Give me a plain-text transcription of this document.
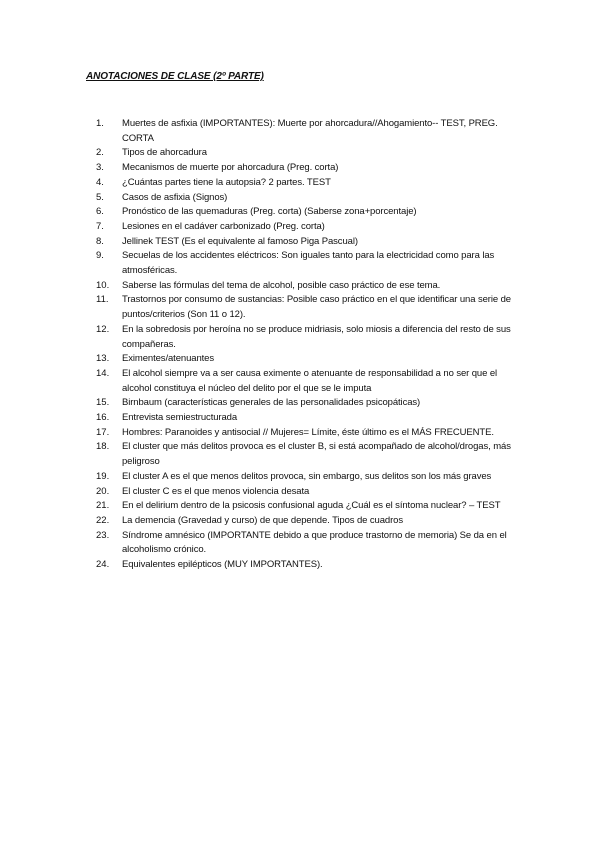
ANOTACIONES DE CLASE (2º PARTE)
1.	Muertes de asfixia (IMPORTANTES): Muerte por ahorcadura//Ahogamiento-- TEST, PREG. CORTA
2.	Tipos de ahorcadura
3.	Mecanismos de muerte por ahorcadura (Preg. corta)
4.	¿Cuántas partes tiene la autopsia? 2 partes. TEST
5.	Casos de asfixia (Signos)
6.	Pronóstico de las quemaduras (Preg. corta) (Saberse zona+porcentaje)
7.	Lesiones en el cadáver carbonizado (Preg. corta)
8.	Jellinek TEST (Es el equivalente al famoso Piga Pascual)
9.	Secuelas de los accidentes eléctricos: Son iguales tanto para la electricidad como para las atmosféricas.
10.	Saberse las fórmulas del tema de alcohol, posible caso práctico de ese tema.
11.	Trastornos por consumo de sustancias: Posible caso práctico en el que identificar una serie de puntos/criterios (Son 11 o 12).
12.	En la sobredosis por heroína no se produce midriasis, solo miosis a diferencia del resto de sus compañeras.
13.	Eximentes/atenuantes
14.	El alcohol siempre va a ser causa eximente o atenuante de responsabilidad a no ser que el alcohol constituya el núcleo del delito por el que se le imputa
15.	Birnbaum (características generales de las personalidades psicopáticas)
16.	Entrevista semiestructurada
17.	Hombres: Paranoides y antisocial // Mujeres= Límite, éste último es el MÁS FRECUENTE.
18.	El cluster que más delitos provoca es el cluster B, si está acompañado de alcohol/drogas, más peligroso
19.	El cluster A es el que menos delitos provoca, sin embargo, sus delitos son los más graves
20.	El cluster C es el que menos violencia desata
21.	En el delirium dentro de la psicosis confusional aguda ¿Cuál es el síntoma nuclear? – TEST
22.	La demencia (Gravedad y curso) de que depende. Tipos de cuadros
23.	Síndrome amnésico (IMPORTANTE debido a que produce trastorno de memoria) Se da en el alcoholismo crónico.
24.	Equivalentes epilépticos (MUY IMPORTANTES).
